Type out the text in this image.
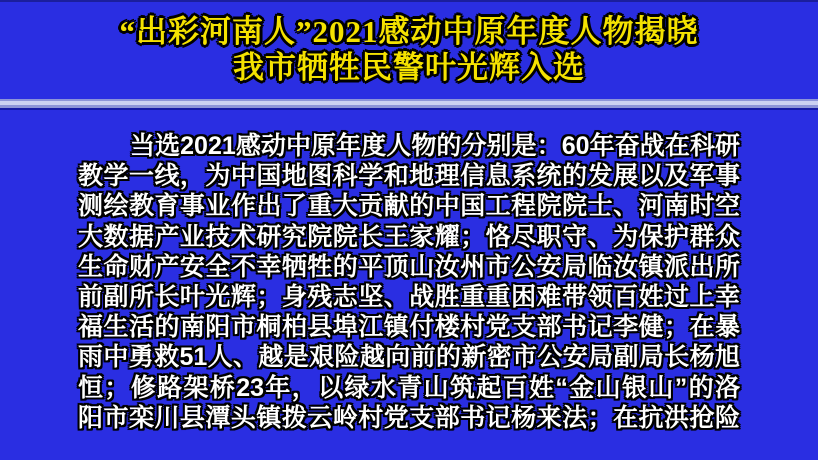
“出彩河南人”2021感动中原年度人物揭晓
我市牺牲民警叶光辉入选
当选2021感动中原年度人物的分别是：60年奋战在科研
教学一线，为中国地图科学和地理信息系统的发展以及军事
测绘教育事业作出了重大贡献的中国工程院院士、河南时空
大数据产业技术研究院院长王家耀；恪尽职守、为保护群众
生命财产安全不幸牺牲的平顶山汝州市公安局临汝镇派出所
前副所长叶光辉；身残志坚、战胜重重困难带领百姓过上幸
福生活的南阳市桐柏县埠江镇付楼村党支部书记李健；在暴
雨中勇救51人、越是艰险越向前的新密市公安局副局长杨旭
恒；修路架桥23年，以绿水青山筑起百姓“金山银山”的洛
阳市栾川县潭头镇拨云岭村党支部书记杨来法；在抗洪抢险
